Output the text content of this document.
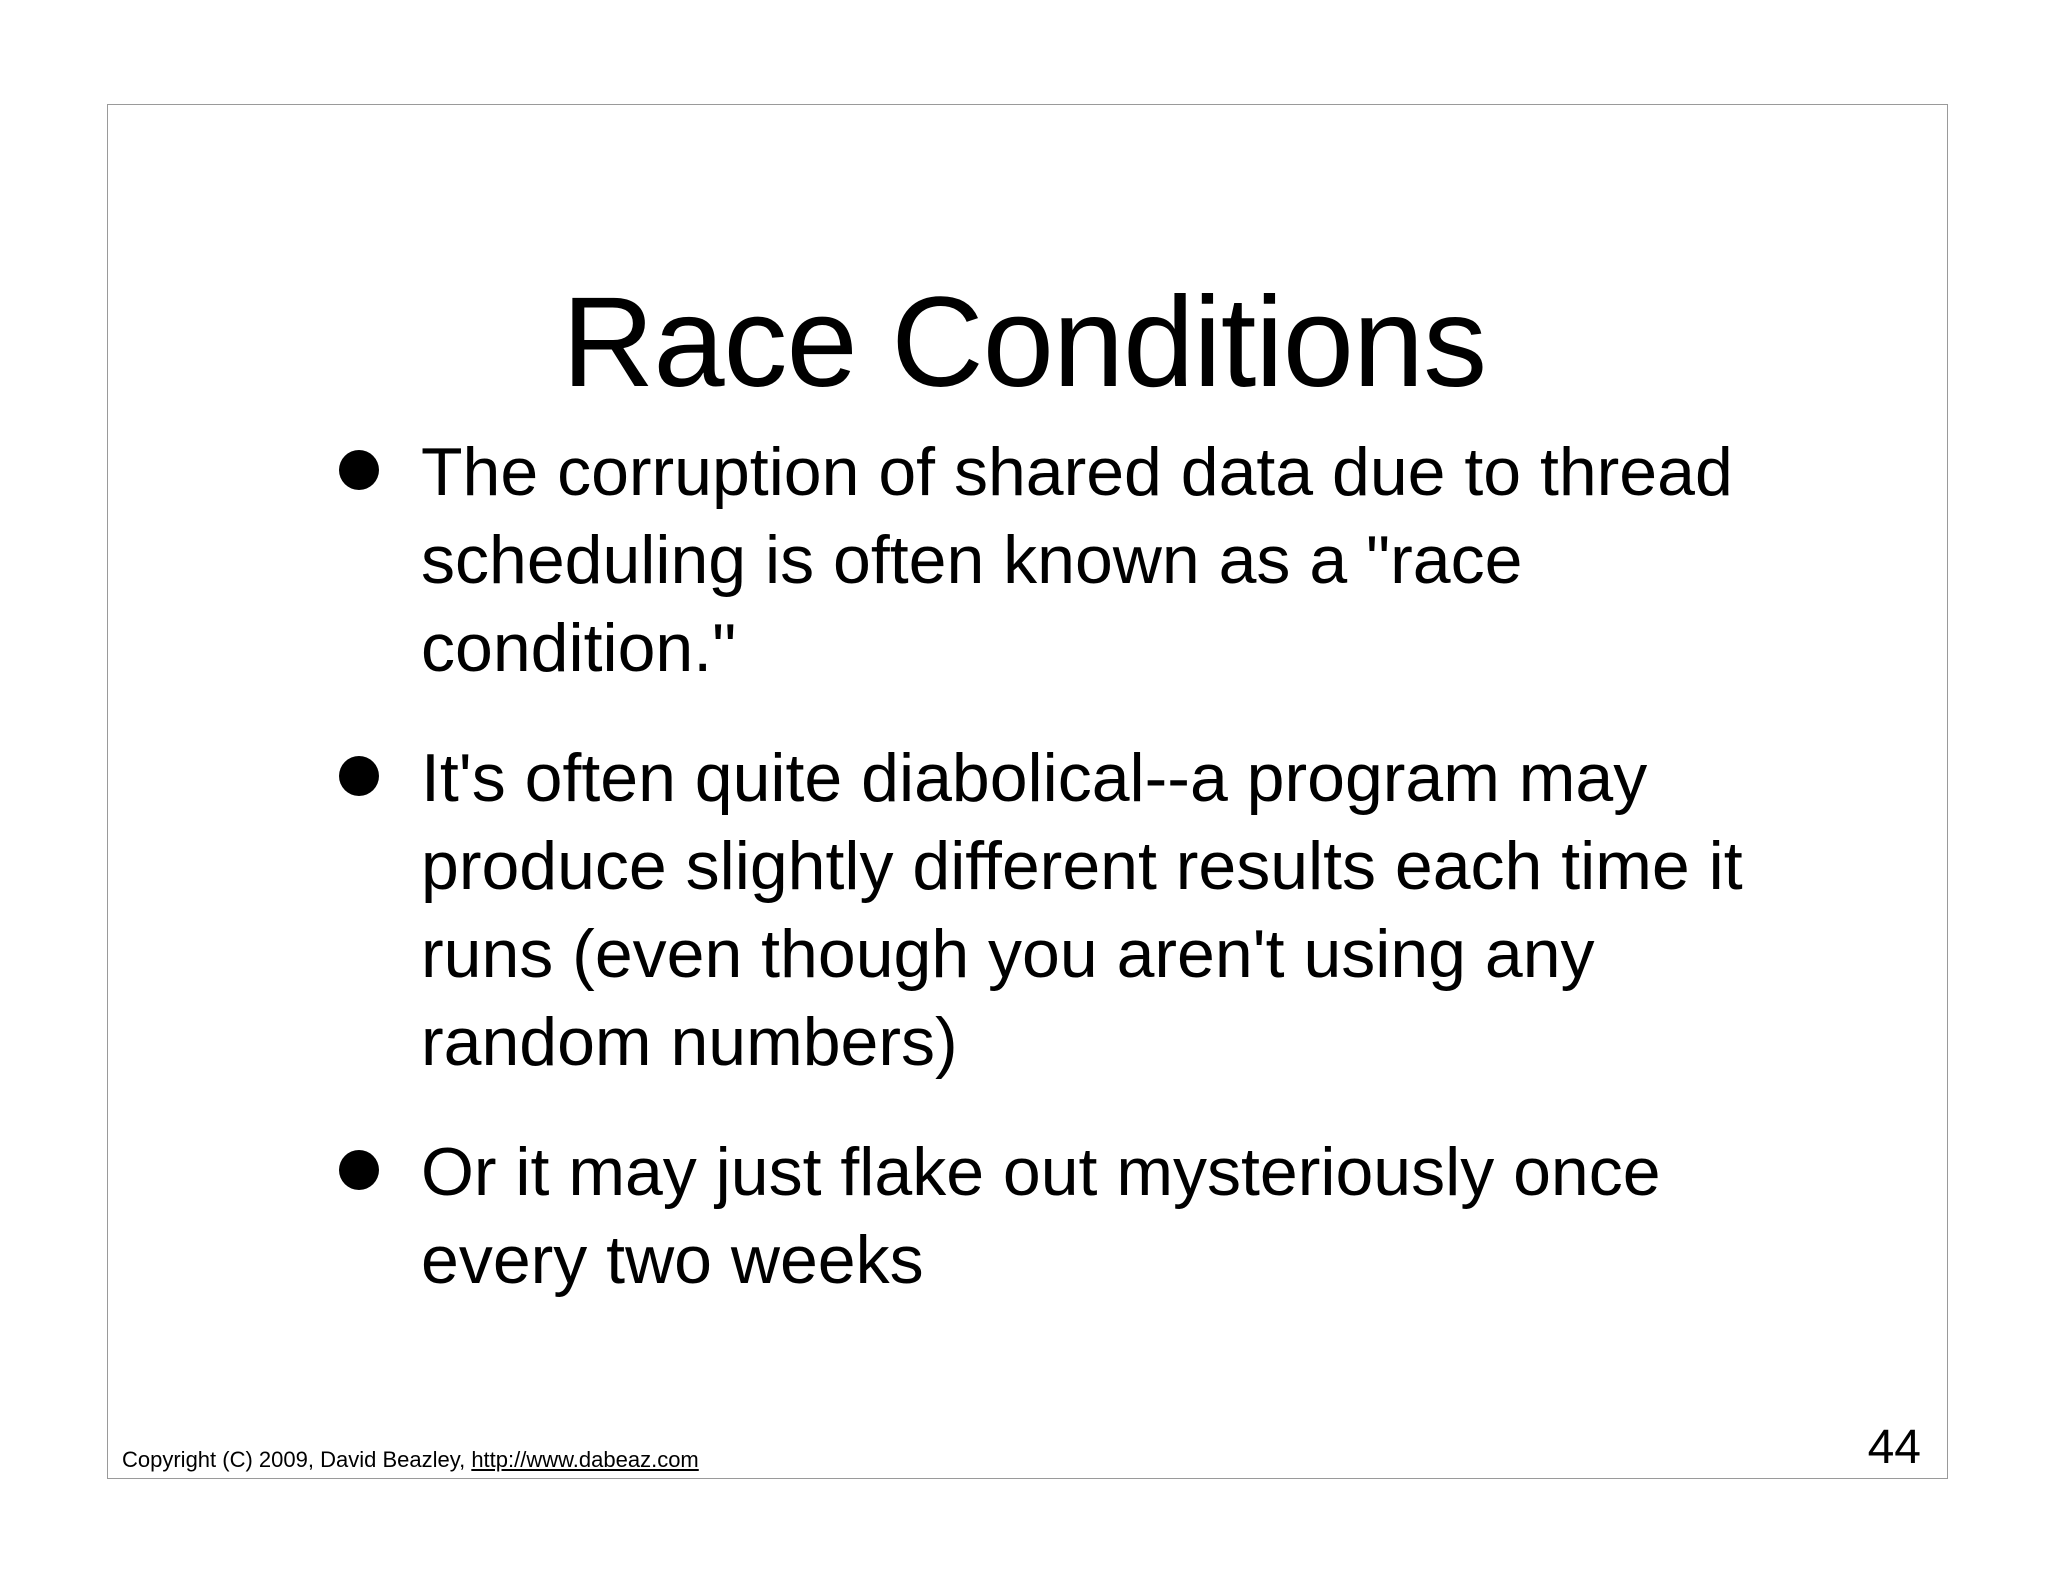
Race Conditions
The corruption of shared data due to thread scheduling is often known as a "race condition."
It's often quite diabolical--a program may produce slightly different results each time it runs (even though you aren't using any random numbers)
Or it may just flake out mysteriously once every two weeks
Copyright (C) 2009, David Beazley, http://www.dabeaz.com	44
